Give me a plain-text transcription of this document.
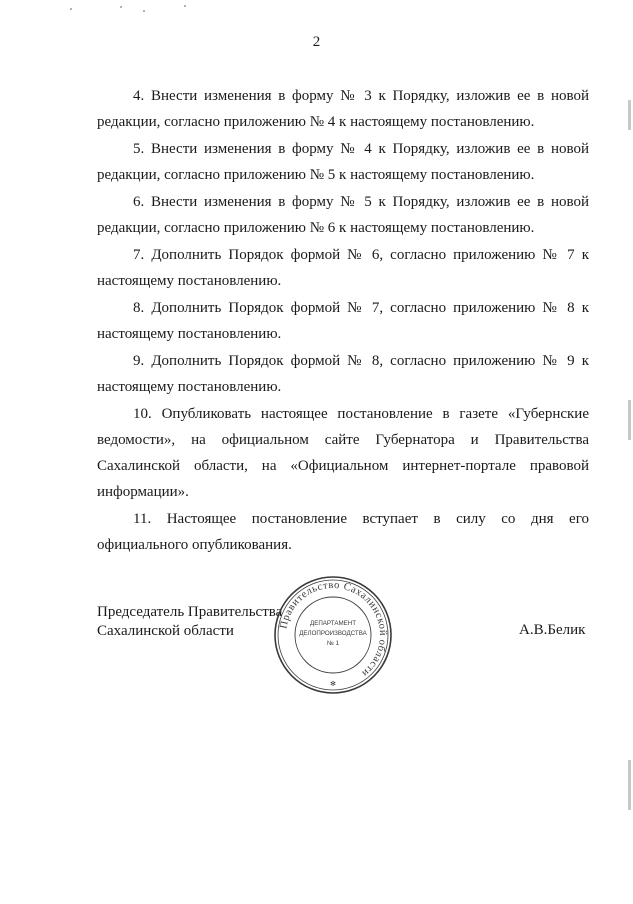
2

4. Внести изменения в форму № 3 к Порядку, изложив ее в новой редакции, согласно приложению № 4 к настоящему постановлению.

5. Внести изменения в форму № 4 к Порядку, изложив ее в новой редакции, согласно приложению № 5 к настоящему постановлению.

6. Внести изменения в форму № 5 к Порядку, изложив ее в новой редакции, согласно приложению № 6 к настоящему постановлению.

7. Дополнить Порядок формой № 6, согласно приложению № 7 к настоящему постановлению.

8. Дополнить Порядок формой № 7, согласно приложению № 8 к настоящему постановлению.

9. Дополнить Порядок формой № 8, согласно приложению № 9 к настоящему постановлению.

10. Опубликовать настоящее постановление в газете «Губернские ведомости», на официальном сайте Губернатора и Правительства Сахалинской области, на «Официальном интернет-портале правовой информации».

11. Настоящее постановление вступает в силу со дня его официального опубликования.

Председатель Правительства
Сахалинской области	А.В.Белик
Правительство Сахалинской области
ДЕПАРТАМЕНТ
ДЕЛОПРОИЗВОДСТВА
№ 1
✻
